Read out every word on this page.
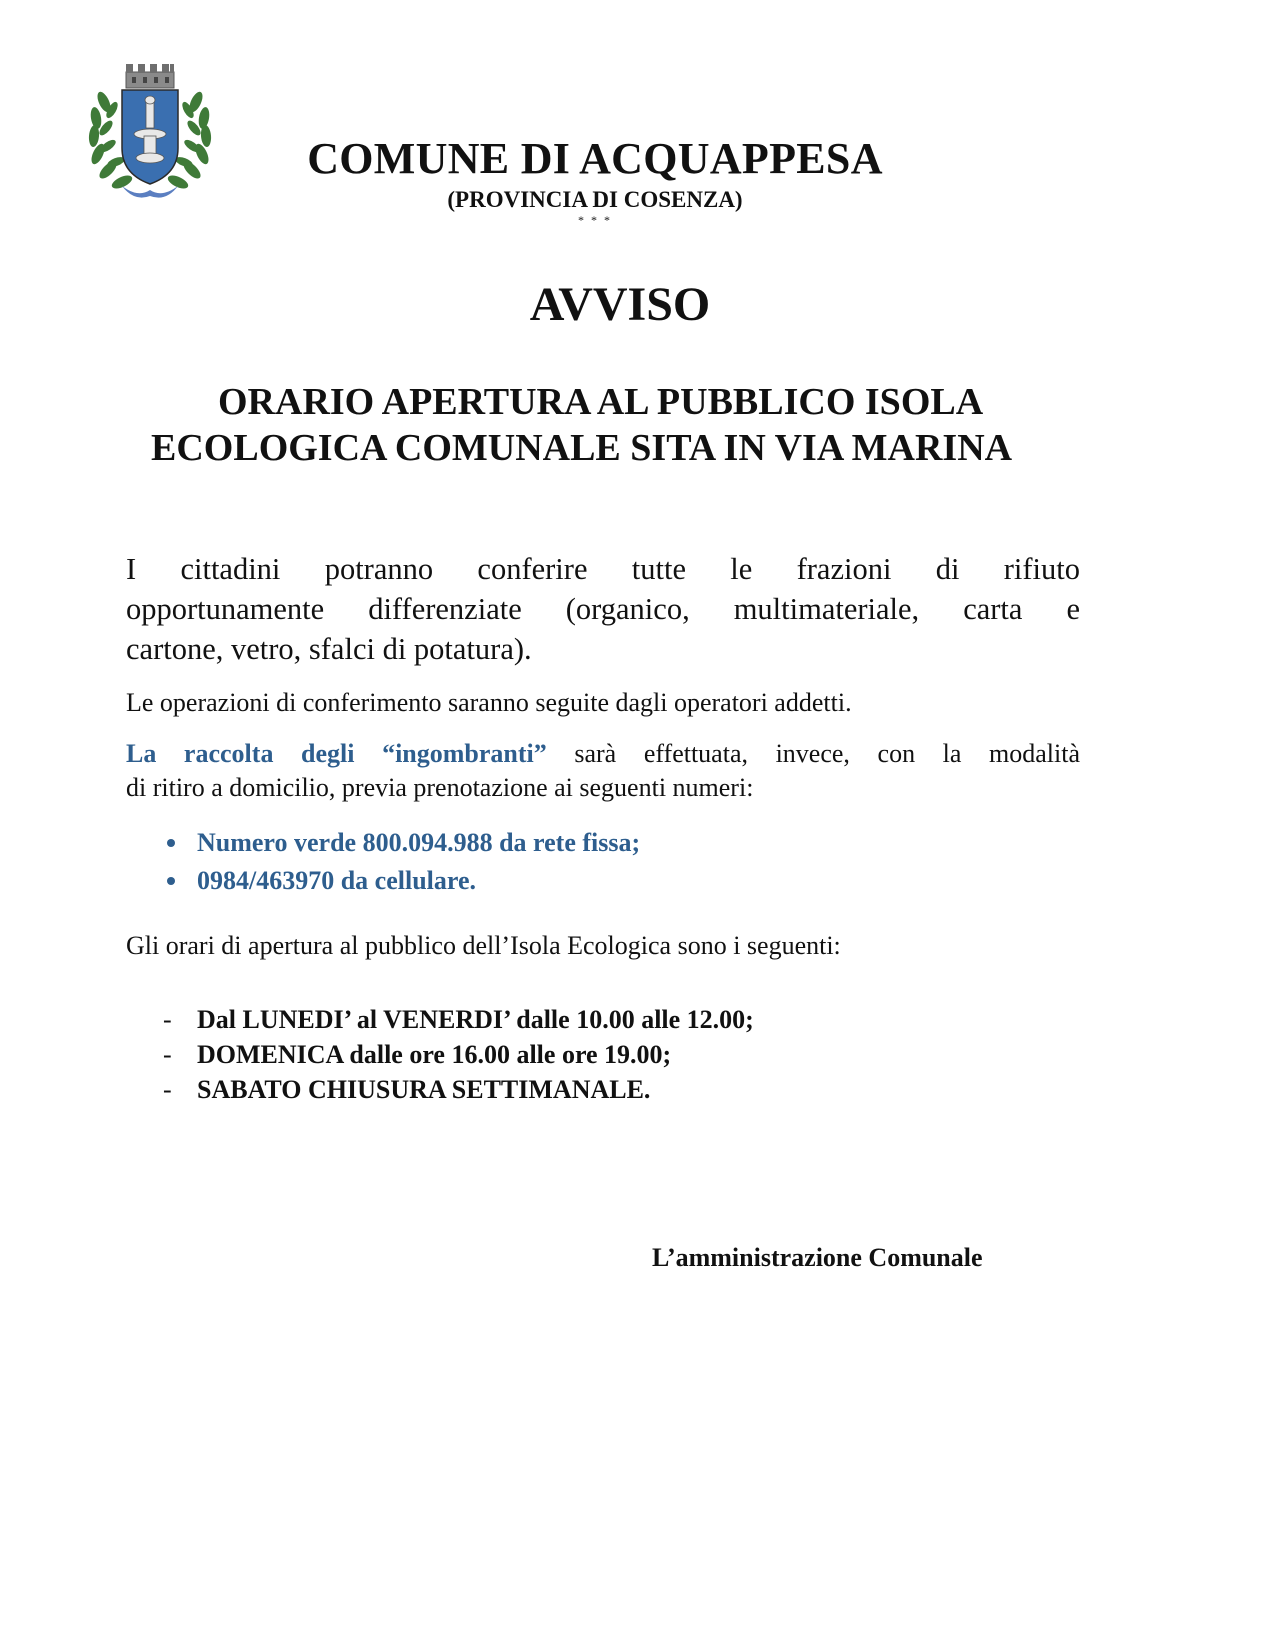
COMUNE DI ACQUAPPESA
(PROVINCIA DI COSENZA)
* * *
AVVISO
ORARIO APERTURA AL PUBBLICO ISOLA
ECOLOGICA COMUNALE SITA IN VIA MARINA
I cittadini potranno conferire tutte le frazioni di rifiuto
opportunamente differenziate (organico, multimateriale, carta e
cartone, vetro, sfalci di potatura).
Le operazioni di conferimento saranno seguite dagli operatori addetti.
La raccolta degli “ingombranti” sarà effettuata, invece, con la modalità
di ritiro a domicilio, previa prenotazione ai seguenti numeri:
Numero verde 800.094.988 da rete fissa;
0984/463970 da cellulare.
Gli orari di apertura al pubblico dell’Isola Ecologica sono i seguenti:
- Dal LUNEDI’ al VENERDI’ dalle 10.00 alle 12.00;
- DOMENICA dalle ore 16.00 alle ore 19.00;
- SABATO CHIUSURA SETTIMANALE.
L’amministrazione Comunale
